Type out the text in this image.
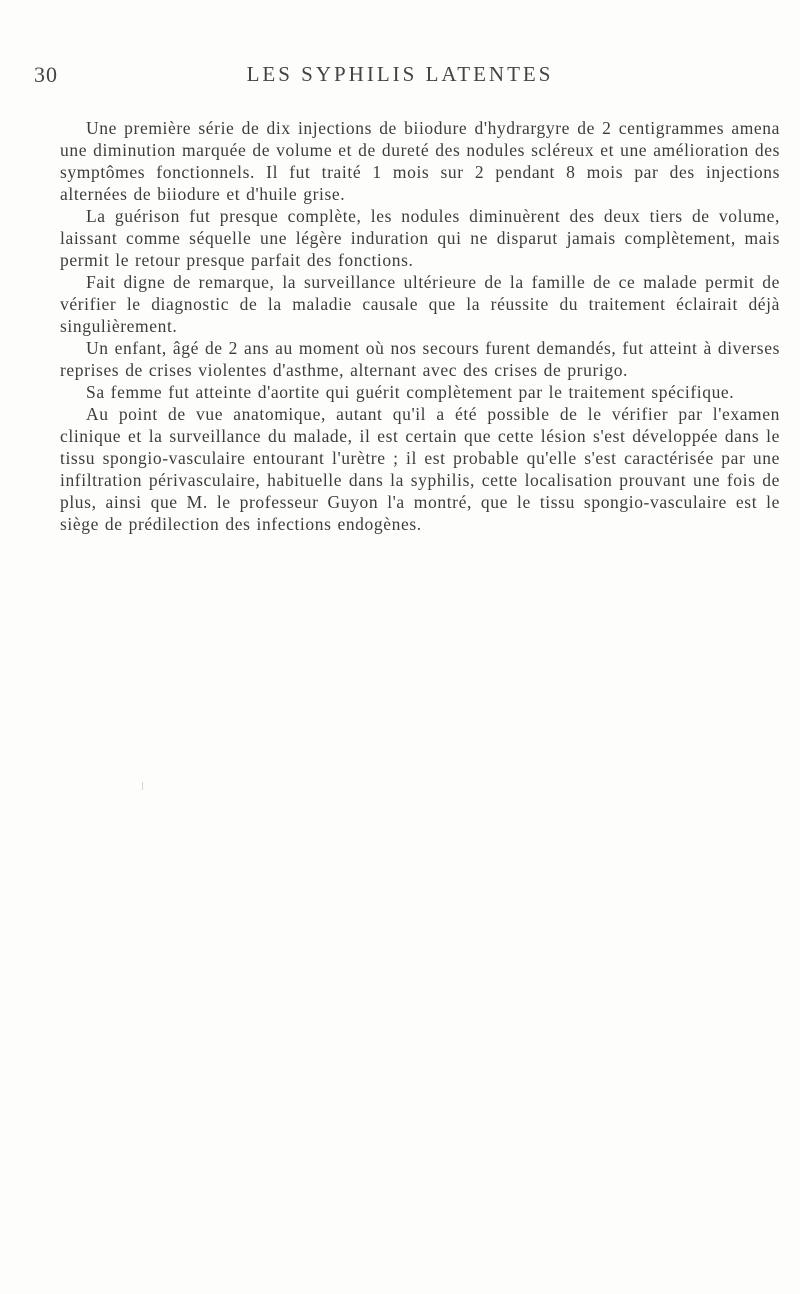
30	LES SYPHILIS LATENTES

Une première série de dix injections de biiodure d'hydrargyre de 2 centigrammes amena une diminution marquée de volume et de dureté des nodules scléreux et une amélioration des symptômes fonctionnels. Il fut traité 1 mois sur 2 pendant 8 mois par des injections alternées de biiodure et d'huile grise.

La guérison fut presque complète, les nodules diminuèrent des deux tiers de volume, laissant comme séquelle une légère induration qui ne disparut jamais complètement, mais permit le retour presque parfait des fonctions.

Fait digne de remarque, la surveillance ultérieure de la famille de ce malade permit de vérifier le diagnostic de la maladie causale que la réussite du traitement éclairait déjà singulièrement.

Un enfant, âgé de 2 ans au moment où nos secours furent demandés, fut atteint à diverses reprises de crises violentes d'asthme, alternant avec des crises de prurigo.

Sa femme fut atteinte d'aortite qui guérit complètement par le traitement spécifique.

Au point de vue anatomique, autant qu'il a été possible de le vérifier par l'examen clinique et la surveillance du malade, il est certain que cette lésion s'est développée dans le tissu spongio-vasculaire entourant l'urètre ; il est probable qu'elle s'est caractérisée par une infiltration périvasculaire, habituelle dans la syphilis, cette localisation prouvant une fois de plus, ainsi que M. le professeur Guyon l'a montré, que le tissu spongio-vasculaire est le siège de prédilection des infections endogènes.
